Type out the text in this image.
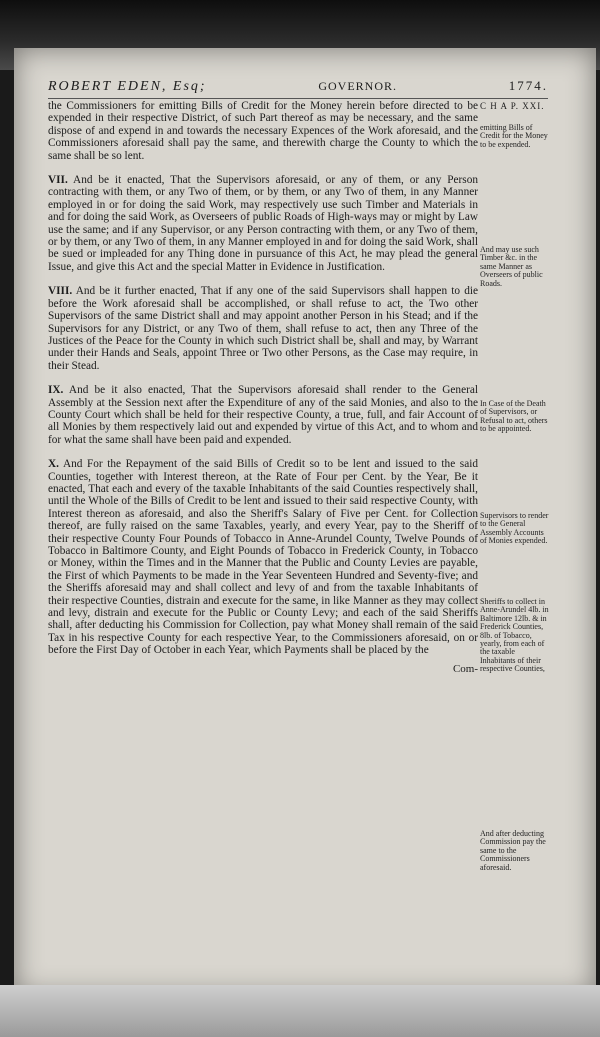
ROBERT EDEN, Esq;	GOVERNOR.	1774.

the Commissioners for emitting Bills of Credit for the Money herein before directed to be expended in their respective District, of such Part thereof as may be necessary, and the same dispose of and expend in and towards the necessary Expences of the Work aforesaid, and the Commissioners aforesaid shall pay the same, and therewith charge the County to which the same shall be so lent.

VII. And be it enacted, That the Supervisors aforesaid, or any of them, or any Person contracting with them, or any Two of them, or by them, or any Two of them, in any Manner employed in or for doing the said Work, may respectively use such Timber and Materials in and for doing the said Work, as Overseers of public Roads of High-ways may or might by Law use the same; and if any Supervisor, or any Person contracting with them, or any Two of them, or by them, or any Two of them, in any Manner employed in and for doing the said Work, shall be sued or impleaded for any Thing done in pursuance of this Act, he may plead the general Issue, and give this Act and the special Matter in Evidence in Justification.

VIII. And be it further enacted, That if any one of the said Supervisors shall happen to die before the Work aforesaid shall be accomplished, or shall refuse to act, the Two other Supervisors of the same District shall and may appoint another Person in his Stead; and if the Supervisors for any District, or any Two of them, shall refuse to act, then any Three of the Justices of the Peace for the County in which such District shall be, shall and may, by Warrant under their Hands and Seals, appoint Three or Two other Persons, as the Case may require, in their Stead.

IX. And be it also enacted, That the Supervisors aforesaid shall render to the General Assembly at the Session next after the Expenditure of any of the said Monies, and also to the County Court which shall be held for their respective County, a true, full, and fair Account of all Monies by them respectively laid out and expended by virtue of this Act, and to whom and for what the same shall have been paid and expended.

X. And For the Repayment of the said Bills of Credit so to be lent and issued to the said Counties, together with Interest thereon, at the Rate of Four per Cent. by the Year, Be it enacted, That each and every of the taxable Inhabitants of the said Counties respectively shall, until the Whole of the Bills of Credit to be lent and issued to their said respective County, with Interest thereon as aforesaid, and also the Sheriff's Salary of Five per Cent. for Collection thereof, are fully raised on the same Taxables, yearly, and every Year, pay to the Sheriff of their respective County Four Pounds of Tobacco in Anne-Arundel County, Twelve Pounds of Tobacco in Baltimore County, and Eight Pounds of Tobacco in Frederick County, in Tobacco or Money, within the Times and in the Manner that the Public and County Levies are payable, the First of which Payments to be made in the Year Seventeen Hundred and Seventy-five; and the Sheriffs aforesaid may and shall collect and levy of and from the taxable Inhabitants of their respective Counties, distrain and execute for the same, in like Manner as they may collect and levy, distrain and execute for the Public or County Levy; and each of the said Sheriffs shall, after deducting his Commission for Collection, pay what Money shall remain of the said Tax in his respective County for each respective Year, to the Commissioners aforesaid, on or before the First Day of October in each Year, which Payments shall be placed by the

Com-
C H A P. XXI.
emitting Bills of Credit for the Money to be expended.
And may use such Timber &c. in the same Manner as Overseers of public Roads.
In Case of the Death of Supervisors, or Refusal to act, others to be appointed.
Supervisors to render to the General Assembly Accounts of Monies expended.
Sheriffs to collect in Anne-Arundel 4lb. in Baltimore 12lb. & in Frederick Counties, 8lb. of Tobacco, yearly, from each of the taxable Inhabitants of their respective Counties,
And after deducting Commission pay the same to the Commissioners aforesaid.
